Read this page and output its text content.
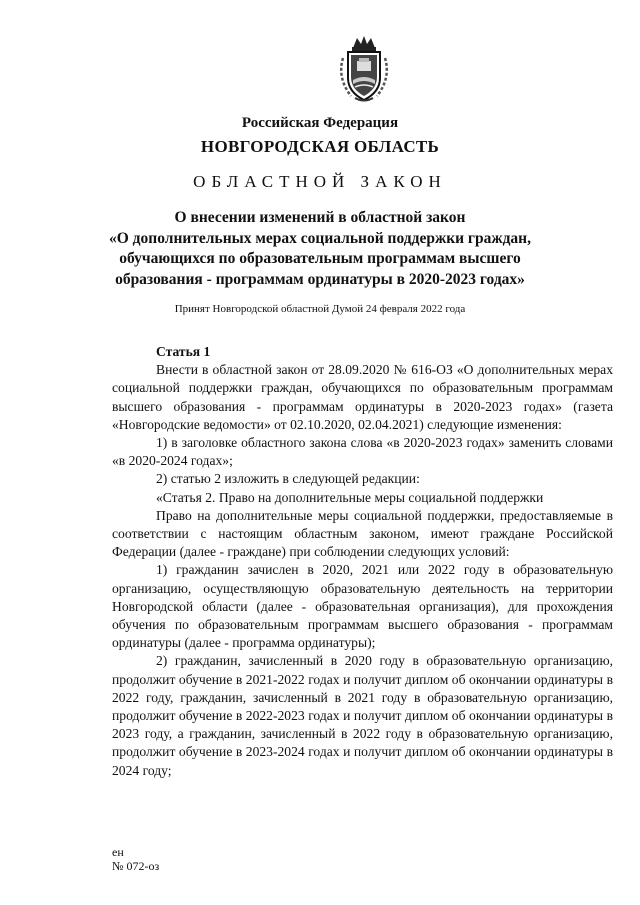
Российская Федерация
НОВГОРОДСКАЯ ОБЛАСТЬ
ОБЛАСТНОЙ ЗАКОН
О внесении изменений в областной закон
«О дополнительных мерах социальной поддержки граждан,
обучающихся по образовательным программам высшего
образования - программам ординатуры в 2020-2023 годах»
Принят Новгородской областной Думой 24 февраля 2022 года

Статья 1

Внести в областной закон от 28.09.2020 № 616-ОЗ «О дополнительных мерах социальной поддержки граждан, обучающихся по образовательным программам высшего образования - программам ординатуры в 2020-2023 годах» (газета «Новгородские ведомости» от 02.10.2020, 02.04.2021) следующие изменения:

1) в заголовке областного закона слова «в 2020-2023 годах» заменить словами «в 2020-2024 годах»;

2) статью 2 изложить в следующей редакции:

«Статья 2. Право на дополнительные меры социальной поддержки

Право на дополнительные меры социальной поддержки, предоставляемые в соответствии с настоящим областным законом, имеют граждане Российской Федерации (далее - граждане) при соблюдении следующих условий:

1) гражданин зачислен в 2020, 2021 или 2022 году в образовательную организацию, осуществляющую образовательную деятельность на территории Новгородской области (далее - образовательная организация), для прохождения обучения по образовательным программам высшего образования - программам ординатуры (далее - программа ординатуры);

2) гражданин, зачисленный в 2020 году в образовательную организацию, продолжит обучение в 2021-2022 годах и получит диплом об окончании ординатуры в 2022 году, гражданин, зачисленный в 2021 году в образовательную организацию, продолжит обучение в 2022-2023 годах и получит диплом об окончании ординатуры в 2023 году, а гражданин, зачисленный в 2022 году в образовательную организацию, продолжит обучение в 2023-2024 годах и получит диплом об окончании ординатуры в 2024 году;

ен
№ 072-оз
